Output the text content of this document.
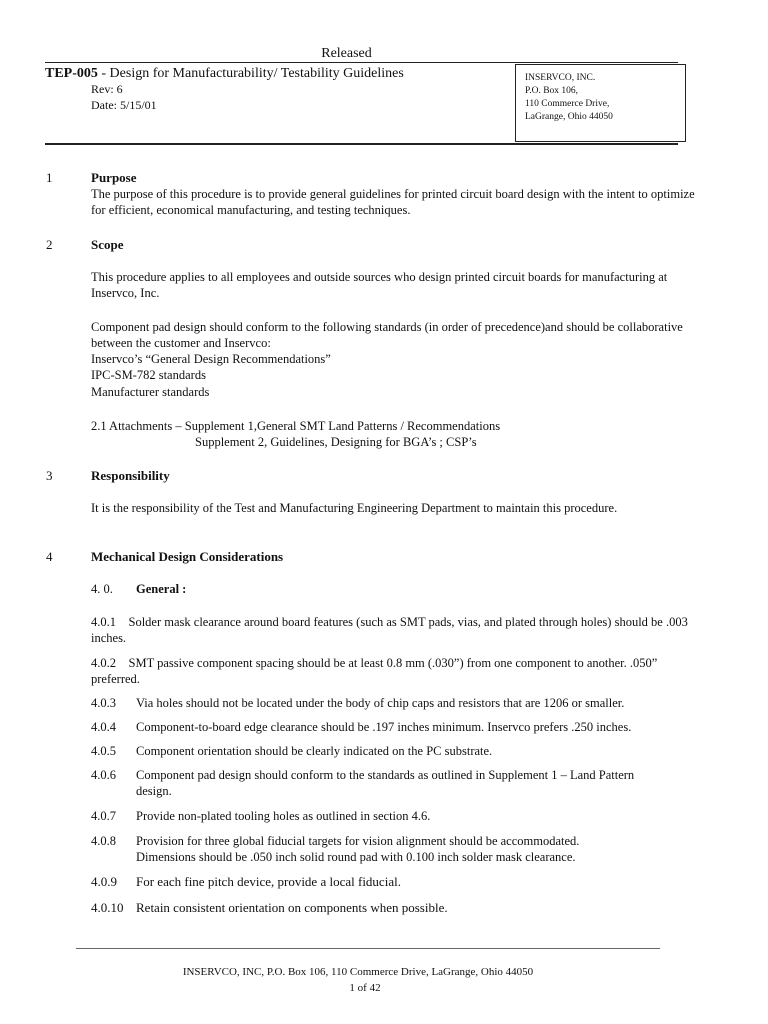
Released
TEP-005 - Design for Manufacturability/ Testability Guidelines
Rev: 6
Date: 5/15/01
INSERVCO, INC.
P.O. Box 106,
110 Commerce Drive,
LaGrange, Ohio 44050
1	Purpose
The purpose of this procedure is to provide general guidelines for printed circuit board design with the intent to optimize for efficient, economical manufacturing, and testing techniques.
2	Scope
This procedure applies to all employees and outside sources who design printed circuit boards for manufacturing at Inservco, Inc.
Component pad design should conform to the following standards (in order of precedence)and should be collaborative between the customer and Inservco:
Inservco’s “General Design Recommendations”
IPC-SM-782 standards
Manufacturer standards
2.1 Attachments – Supplement 1,General SMT Land Patterns / Recommendations
Supplement 2, Guidelines, Designing for BGA’s ; CSP’s
3	Responsibility
It is the responsibility of the Test and Manufacturing Engineering Department to maintain this procedure.
4	Mechanical Design Considerations
4. 0. General :
4.0.1 Solder mask clearance around board features (such as SMT pads, vias, and plated through holes) should be .003 inches.
4.0.2 SMT passive component spacing should be at least 0.8 mm (.030”) from one component to another. .050” preferred.
4.0.3 Via holes should not be located under the body of chip caps and resistors that are 1206 or smaller.
4.0.4 Component-to-board edge clearance should be .197 inches minimum. Inservco prefers .250 inches.
4.0.5 Component orientation should be clearly indicated on the PC substrate.
4.0.6 Component pad design should conform to the standards as outlined in Supplement 1 – Land Pattern design.
4.0.7 Provide non-plated tooling holes as outlined in section 4.6.
4.0.8 Provision for three global fiducial targets for vision alignment should be accommodated. Dimensions should be .050 inch solid round pad with 0.100 inch solder mask clearance.
4.0.9 For each fine pitch device, provide a local fiducial.
4.0.10 Retain consistent orientation on components when possible.
INSERVCO, INC, P.O. Box 106, 110 Commerce Drive, LaGrange, Ohio 44050
1 of 42
